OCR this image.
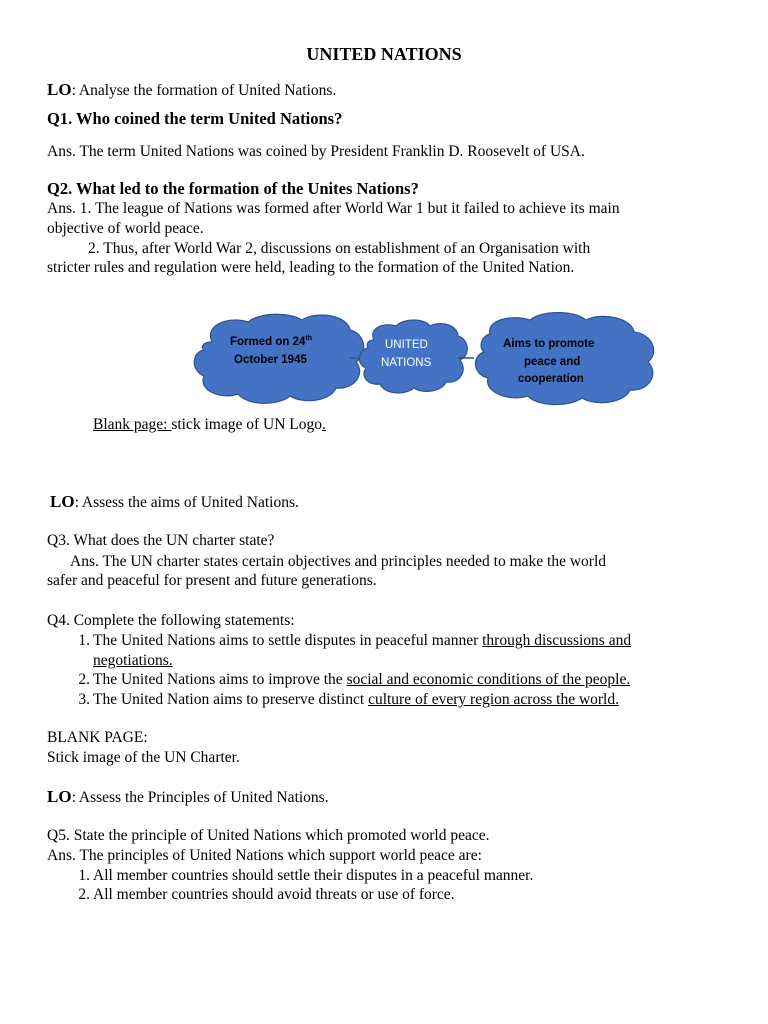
UNITED NATIONS
LO: Analyse the formation of United Nations.
Q1. Who coined the term United Nations?
Ans. The term United Nations was coined by President Franklin D. Roosevelt of USA.
Q2. What led to the formation of the Unites Nations?
Ans. 1. The league of Nations was formed after World War 1 but it failed to achieve its main
objective of world peace.
2. Thus, after World War 2, discussions on establishment of an Organisation with
stricter rules and regulation were held, leading to the formation of the United Nation.
Formed on 24th
October 1945
UNITED
NATIONS
Aims to promote
peace and
cooperation
Blank page: stick image of UN Logo.
LO: Assess the aims of United Nations.
Q3. What does the UN charter state?
Ans. The UN charter states certain objectives and principles needed to make the world
safer and peaceful for present and future generations.
Q4. Complete the following statements:
1. The United Nations aims to settle disputes in peaceful manner through discussions and
negotiations.
2. The United Nations aims to improve the social and economic conditions of the people.
3. The United Nation aims to preserve distinct culture of every region across the world.
BLANK PAGE:
Stick image of the UN Charter.
LO: Assess the Principles of United Nations.
Q5. State the principle of United Nations which promoted world peace.
Ans. The principles of United Nations which support world peace are:
1. All member countries should settle their disputes in a peaceful manner.
2. All member countries should avoid threats or use of force.
